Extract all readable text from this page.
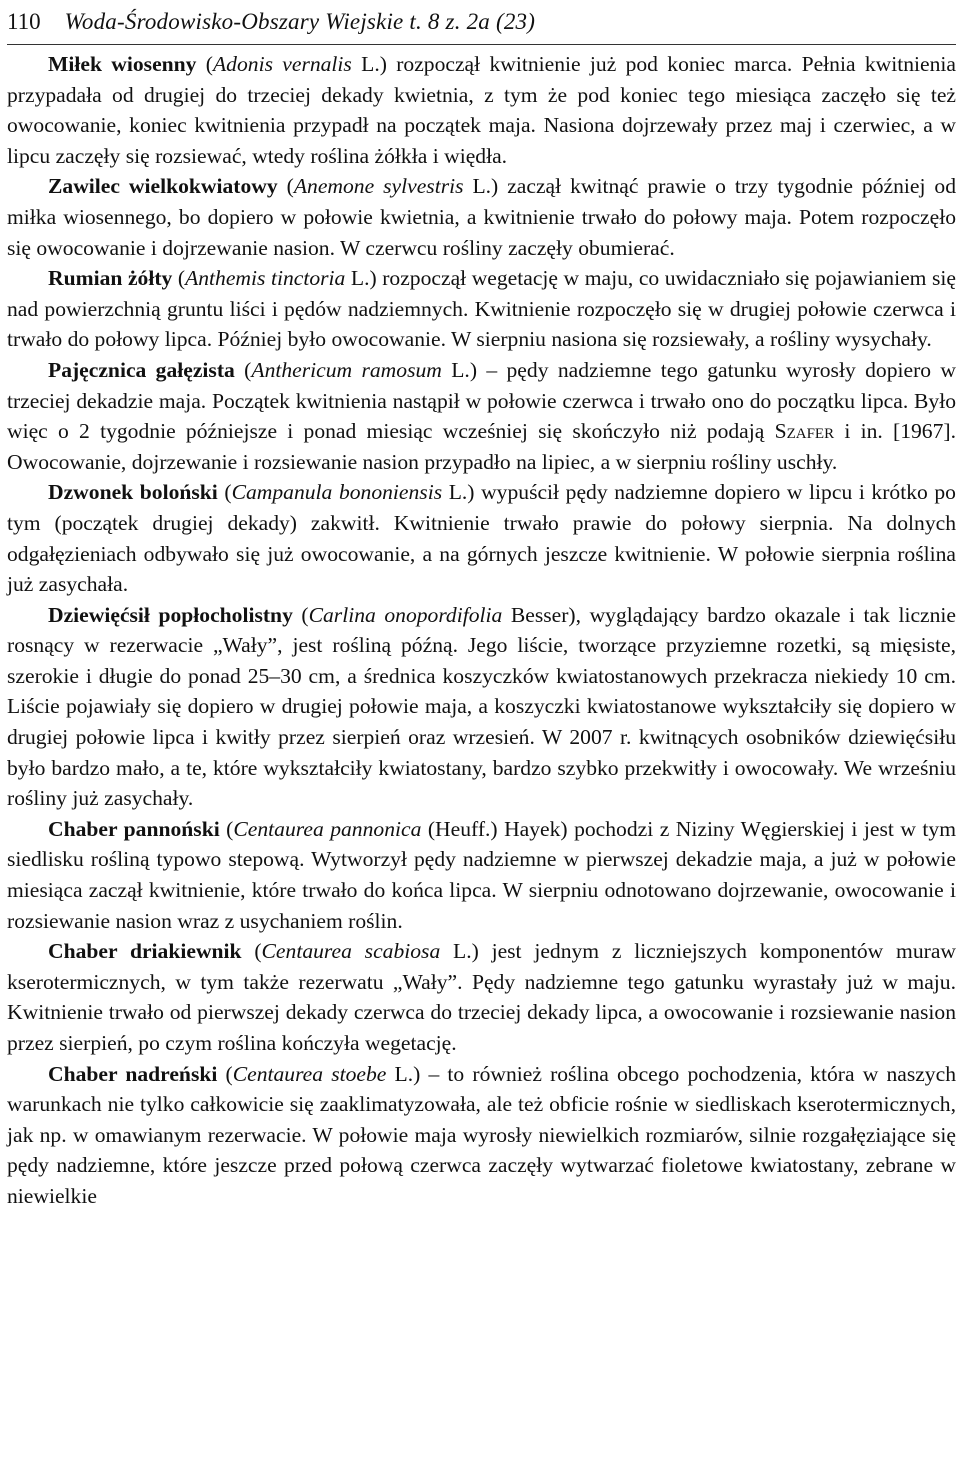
110 Woda-Środowisko-Obszary Wiejskie t. 8 z. 2a (23)

Miłek wiosenny (Adonis vernalis L.) rozpoczął kwitnienie już pod koniec marca. Pełnia kwitnienia przypadała od drugiej do trzeciej dekady kwietnia, z tym że pod koniec tego miesiąca zaczęło się też owocowanie, koniec kwitnienia przypadł na początek maja. Nasiona dojrzewały przez maj i czerwiec, a w lipcu zaczęły się rozsiewać, wtedy roślina żółkła i więdła.

Zawilec wielkokwiatowy (Anemone sylvestris L.) zaczął kwitnąć prawie o trzy tygodnie później od miłka wiosennego, bo dopiero w połowie kwietnia, a kwitnienie trwało do połowy maja. Potem rozpoczęło się owocowanie i dojrzewanie nasion. W czerwcu rośliny zaczęły obumierać.

Rumian żółty (Anthemis tinctoria L.) rozpoczął wegetację w maju, co uwidaczniało się pojawianiem się nad powierzchnią gruntu liści i pędów nadziemnych. Kwitnienie rozpoczęło się w drugiej połowie czerwca i trwało do połowy lipca. Później było owocowanie. W sierpniu nasiona się rozsiewały, a rośliny wysychały.

Pajęcznica gałęzista (Anthericum ramosum L.) – pędy nadziemne tego gatunku wyrosły dopiero w trzeciej dekadzie maja. Początek kwitnienia nastąpił w połowie czerwca i trwało ono do początku lipca. Było więc o 2 tygodnie późniejsze i ponad miesiąc wcześniej się skończyło niż podają Szafer i in. [1967]. Owocowanie, dojrzewanie i rozsiewanie nasion przypadło na lipiec, a w sierpniu rośliny uschły.

Dzwonek boloński (Campanula bononiensis L.) wypuścił pędy nadziemne dopiero w lipcu i krótko po tym (początek drugiej dekady) zakwitł. Kwitnienie trwało prawie do połowy sierpnia. Na dolnych odgałęzieniach odbywało się już owocowanie, a na górnych jeszcze kwitnienie. W połowie sierpnia roślina już zasychała.

Dziewięćsił popłocholistny (Carlina onopordifolia Besser), wyglądający bardzo okazale i tak licznie rosnący w rezerwacie „Wały”, jest rośliną późną. Jego liście, tworzące przyziemne rozetki, są mięsiste, szerokie i długie do ponad 25–30 cm, a średnica koszyczków kwiatostanowych przekracza niekiedy 10 cm. Liście pojawiały się dopiero w drugiej połowie maja, a koszyczki kwiatostanowe wykształciły się dopiero w drugiej połowie lipca i kwitły przez sierpień oraz wrzesień. W 2007 r. kwitnących osobników dziewięćsiłu było bardzo mało, a te, które wykształciły kwiatostany, bardzo szybko przekwitły i owocowały. We wrześniu rośliny już zasychały.

Chaber pannoński (Centaurea pannonica (Heuff.) Hayek) pochodzi z Niziny Węgierskiej i jest w tym siedlisku rośliną typowo stepową. Wytworzył pędy nadziemne w pierwszej dekadzie maja, a już w połowie miesiąca zaczął kwitnienie, które trwało do końca lipca. W sierpniu odnotowano dojrzewanie, owocowanie i rozsiewanie nasion wraz z usychaniem roślin.

Chaber driakiewnik (Centaurea scabiosa L.) jest jednym z liczniejszych komponentów muraw kserotermicznych, w tym także rezerwatu „Wały”. Pędy nadziemne tego gatunku wyrastały już w maju. Kwitnienie trwało od pierwszej dekady czerwca do trzeciej dekady lipca, a owocowanie i rozsiewanie nasion przez sierpień, po czym roślina kończyła wegetację.

Chaber nadreński (Centaurea stoebe L.) – to również roślina obcego pochodzenia, która w naszych warunkach nie tylko całkowicie się zaaklimatyzowała, ale też obficie rośnie w siedliskach kserotermicznych, jak np. w omawianym rezerwacie. W połowie maja wyrosły niewielkich rozmiarów, silnie rozgałęziające się pędy nadziemne, które jeszcze przed połową czerwca zaczęły wytwarzać fioletowe kwiatostany, zebrane w niewielkie
